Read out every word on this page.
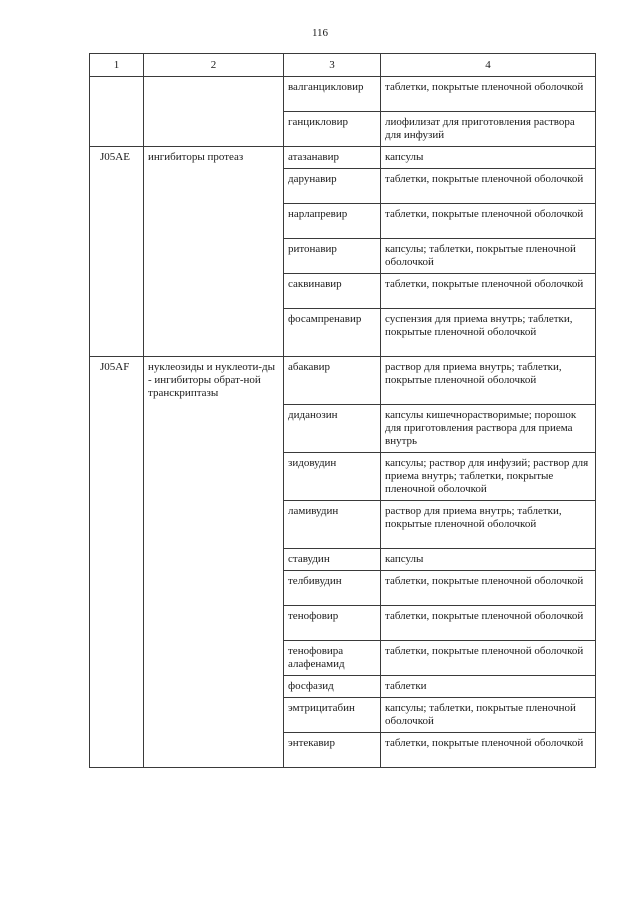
116
1	2	3	4
		валганцикловир	таблетки, покрытые пленочной оболочкой
		ганцикловир	лиофилизат для приготовления раствора для инфузий
J05AE	ингибиторы протеаз	атазанавир	капсулы
		дарунавир	таблетки, покрытые пленочной оболочкой
		нарлапревир	таблетки, покрытые пленочной оболочкой
		ритонавир	капсулы; таблетки, покрытые пленочной оболочкой
		саквинавир	таблетки, покрытые пленочной оболочкой
		фосампренавир	суспензия для приема внутрь; таблетки, покрытые пленочной оболочкой
J05AF	нуклеозиды и нуклеоти-ды - ингибиторы обрат-ной транскриптазы	абакавир	раствор для приема внутрь; таблетки, покрытые пленочной оболочкой
		диданозин	капсулы кишечнорастворимые; порошок для приготовления раствора для приема внутрь
		зидовудин	капсулы; раствор для инфузий; раствор для приема внутрь; таблетки, покрытые пленочной оболочкой
		ламивудин	раствор для приема внутрь; таблетки, покрытые пленочной оболочкой
		ставудин	капсулы
		телбивудин	таблетки, покрытые пленочной оболочкой
		тенофовир	таблетки, покрытые пленочной оболочкой
		тенофовира алафенамид	таблетки, покрытые пленочной оболочкой
		фосфазид	таблетки
		эмтрицитабин	капсулы; таблетки, покрытые пленочной оболочкой
		энтекавир	таблетки, покрытые пленочной оболочкой
